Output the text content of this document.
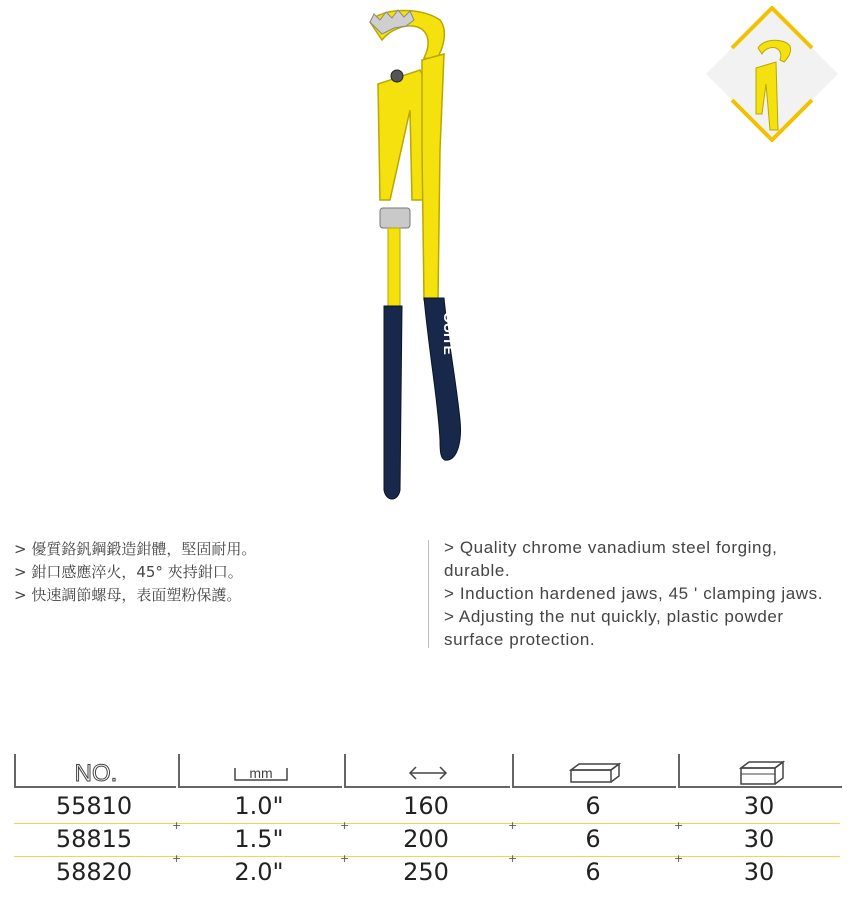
OUITE
> 優質鉻釩鋼鍛造鉗體，堅固耐用。
> 鉗口感應淬火，45° 夾持鉗口。
> 快速調節螺母，表面塑粉保護。
> Quality chrome vanadium steel forging,
durable.
> Induction hardened jaws, 45 ' clamping jaws.
> Adjusting the nut quickly, plastic powder
surface protection.
NO.	mm
55810	1.0"	160	6	30
58815	1.5"	200	6	30
58820	2.0"	250	6	30
+	+	+	+
+	+	+	+
